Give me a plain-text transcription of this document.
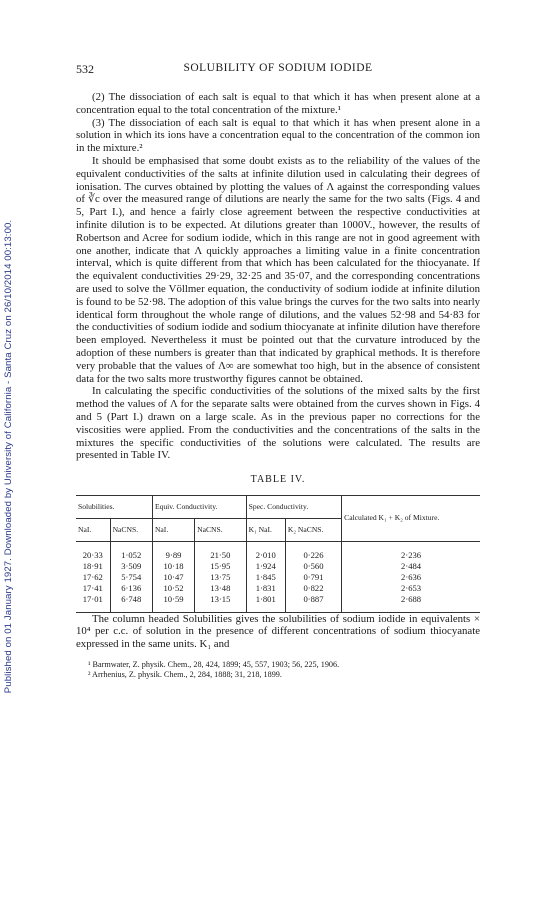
Published on 01 January 1927. Downloaded by University of California - Santa Cruz on 26/10/2014 00:13:00.
532	SOLUBILITY OF SODIUM IODIDE

(2) The dissociation of each salt is equal to that which it has when present alone at a concentration equal to the total concentration of the mixture.¹

(3) The dissociation of each salt is equal to that which it has when present alone in a solution in which its ions have a concentration equal to the concentration of the common ion in the mixture.²

It should be emphasised that some doubt exists as to the reliability of the values of the equivalent conductivities of the salts at infinite dilution used in calculating their degrees of ionisation. The curves obtained by plotting the values of Λ against the corresponding values of ∛c over the measured range of dilutions are nearly the same for the two salts (Figs. 4 and 5, Part I.), and hence a fairly close agreement between the respective conductivities at infinite dilution is to be expected. At dilutions greater than 1000V., however, the results of Robertson and Acree for sodium iodide, which in this range are not in good agreement with one another, indicate that Λ quickly approaches a limiting value in a finite concentration interval, which is quite different from that which has been calculated for the thiocyanate. If the equivalent conductivities 29·29, 32·25 and 35·07, and the corresponding concentrations are used to solve the Völlmer equation, the conductivity of sodium iodide at infinite dilution is found to be 52·98. The adoption of this value brings the curves for the two salts into nearly identical form throughout the whole range of dilutions, and the values 52·98 and 54·83 for the conductivities of sodium iodide and sodium thiocyanate at infinite dilution have therefore been employed. Nevertheless it must be pointed out that the curvature introduced by the adoption of these numbers is greater than that indicated by graphical methods. It is therefore very probable that the values of Λ∞ are somewhat too high, but in the absence of consistent data for the two salts more trustworthy figures cannot be obtained.

In calculating the specific conductivities of the solutions of the mixed salts by the first method the values of Λ for the separate salts were obtained from the curves shown in Figs. 4 and 5 (Part I.) drawn on a large scale. As in the previous paper no corrections for the viscosities were applied. From the conductivities and the concentrations of the salts in the mixtures the specific conductivities of the solutions were calculated. The results are presented in Table IV.

TABLE IV.
Solubilities.		Equiv. Conductivity.		Spec. Conductivity.		Calculated K₁ + K₂ of Mixture.
NaI.	NaCNS.	NaI.	NaCNS.	K₁ NaI.	K₂ NaCNS.	
20·33	1·052	9·89	21·50	2·010	0·226	2·236
18·91	3·509	10·18	15·95	1·924	0·560	2·484
17·62	5·754	10·47	13·75	1·845	0·791	2·636
17·41	6·136	10·52	13·48	1·831	0·822	2·653
17·01	6·748	10·59	13·15	1·801	0·887	2·688

The column headed Solubilities gives the solubilities of sodium iodide in equivalents × 10⁴ per c.c. of solution in the presence of different concentrations of sodium thiocyanate expressed in the same units. K₁ and

¹ Barmwater, Z. physik. Chem., 28, 424, 1899; 45, 557, 1903; 56, 225, 1906.
² Arrhenius, Z. physik. Chem., 2, 284, 1888; 31, 218, 1899.
